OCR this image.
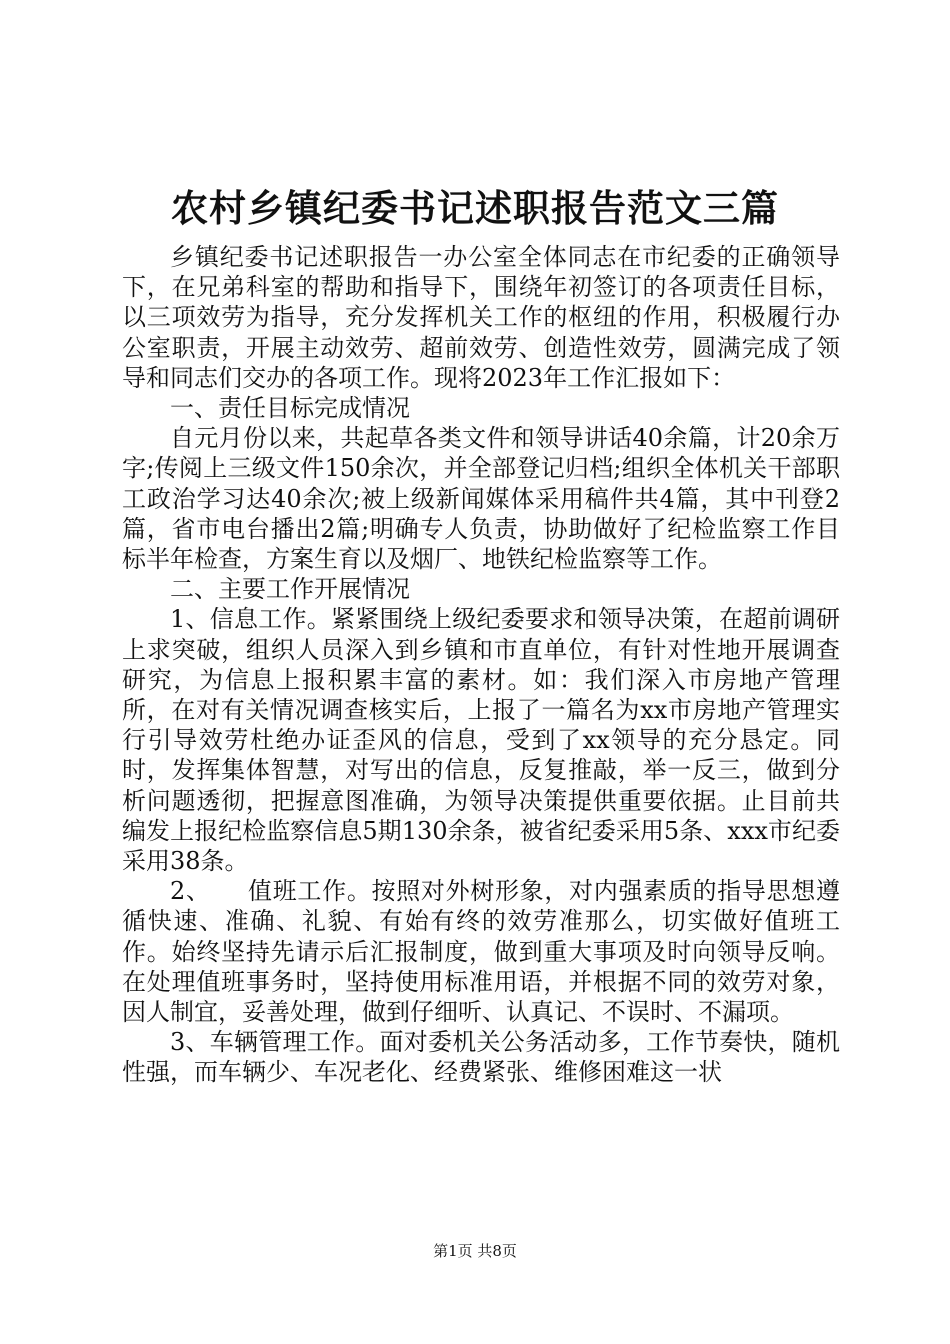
农村乡镇纪委书记述职报告范文三篇

乡镇纪委书记述职报告一办公室全体同志在市纪委的正确领导下，在兄弟科室的帮助和指导下，围绕年初签订的各项责任目标，以三项效劳为指导，充分发挥机关工作的枢纽的作用，积极履行办公室职责，开展主动效劳、超前效劳、创造性效劳，圆满完成了领导和同志们交办的各项工作。现将2023年工作汇报如下：

一、责任目标完成情况

自元月份以来，共起草各类文件和领导讲话40余篇，计20余万字;传阅上三级文件150余次，并全部登记归档;组织全体机关干部职工政治学习达40余次;被上级新闻媒体采用稿件共4篇，其中刊登2篇，省市电台播出2篇;明确专人负责，协助做好了纪检监察工作目标半年检查，方案生育以及烟厂、地铁纪检监察等工作。

二、主要工作开展情况

1、信息工作。紧紧围绕上级纪委要求和领导决策，在超前调研上求突破，组织人员深入到乡镇和市直单位，有针对性地开展调查研究，为信息上报积累丰富的素材。如：我们深入市房地产管理所，在对有关情况调查核实后，上报了一篇名为xx市房地产管理实行引导效劳杜绝办证歪风的信息，受到了xx领导的充分恳定。同时，发挥集体智慧，对写出的信息，反复推敲，举一反三，做到分析问题透彻，把握意图准确，为领导决策提供重要依据。止目前共编发上报纪检监察信息5期130余条，被省纪委采用5条、xxx市纪委采用38条。

2、　　值班工作。按照对外树形象，对内强素质的指导思想遵循快速、准确、礼貌、有始有终的效劳准那么，切实做好值班工作。始终坚持先请示后汇报制度，做到重大事项及时向领导反响。在处理值班事务时，坚持使用标准用语，并根据不同的效劳对象，因人制宜，妥善处理，做到仔细听、认真记、不误时、不漏项。

3、车辆管理工作。面对委机关公务活动多，工作节奏快，随机性强，而车辆少、车况老化、经费紧张、维修困难这一状

第1页 共8页
